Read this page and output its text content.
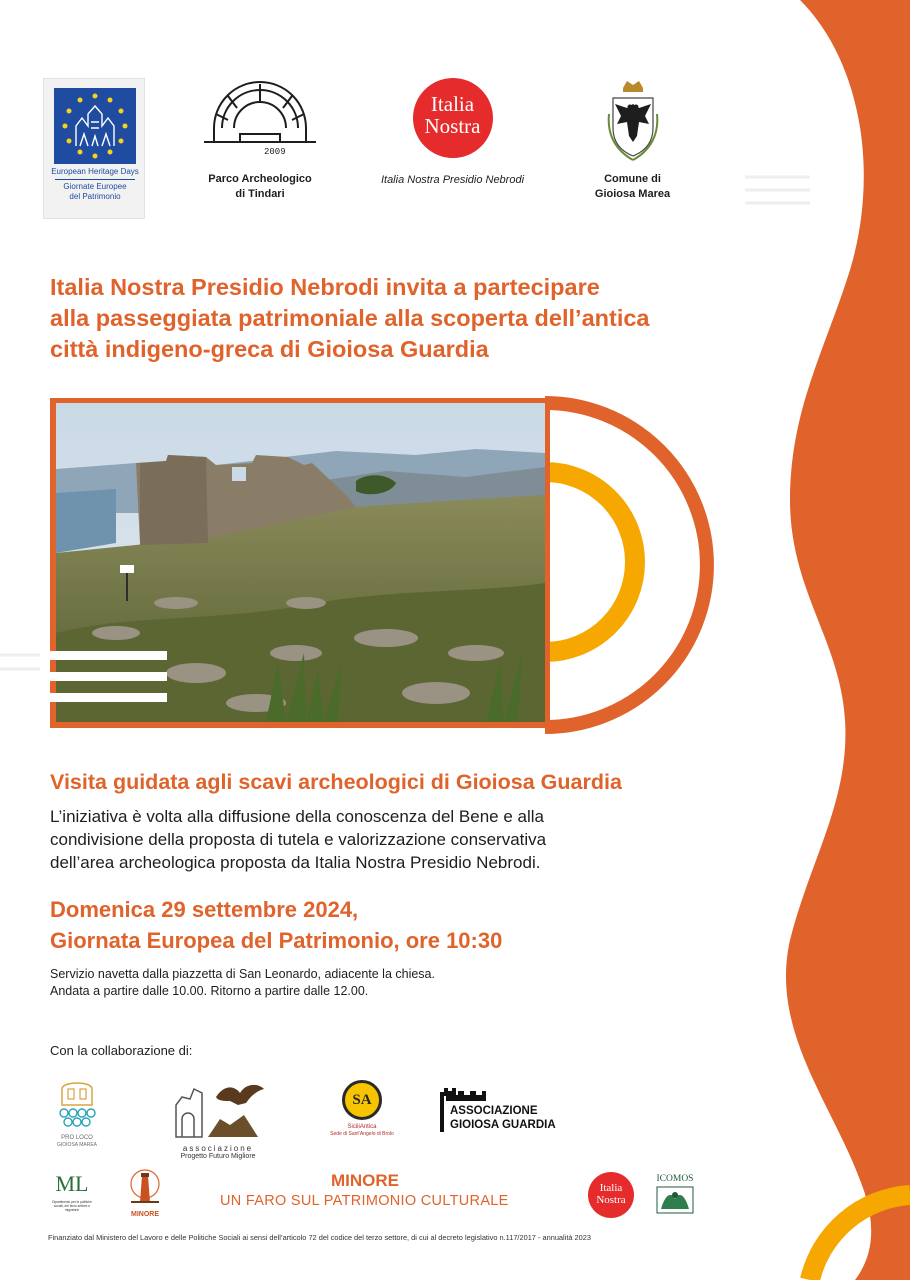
European Heritage Days
Giornate Europee
del Patrimonio
2009
Parco Archeologico
di Tindari
Italia
Nostra
Italia Nostra Presidio Nebrodi	Comune di
Gioiosa Marea
Italia Nostra Presidio Nebrodi invita a partecipare
alla passeggiata patrimoniale alla scoperta dell’antica
città indigeno-greca di Gioiosa Guardia
Visita guidata agli scavi archeologici di Gioiosa Guardia
L’iniziativa è volta alla diffusione della conoscenza del Bene e alla
condivisione della proposta di tutela e valorizzazione conservativa
dell’area archeologica proposta da Italia Nostra Presidio Nebrodi.
Domenica 29 settembre 2024,
Giornata Europea del Patrimonio, ore 10:30
Servizio navetta dalla piazzetta di San Leonardo, adiacente la chiesa.
Andata a partire dalle 10.00. Ritorno a partire dalle 12.00.
Con la collaborazione di:
PRO LOCO
GIOIOSA MAREA	associazione
Progetto Futuro Migliore
SA
SiciliAntica
Sede di Sant’Angelo di Brolo
ASSOCIAZIONE
GIOIOSA GUARDIA
ML
Dipartimento per le politiche sociali, del terzo settore e migratorie
MINORE
MINORE
UN FARO SUL PATRIMONIO CULTURALE
Italia
Nostra
ICOMOS
Finanziato dal Ministero del Lavoro e delle Politiche Sociali ai sensi dell’articolo 72 del codice del terzo settore, di cui al decreto legislativo n.117/2017 - annualità 2023
